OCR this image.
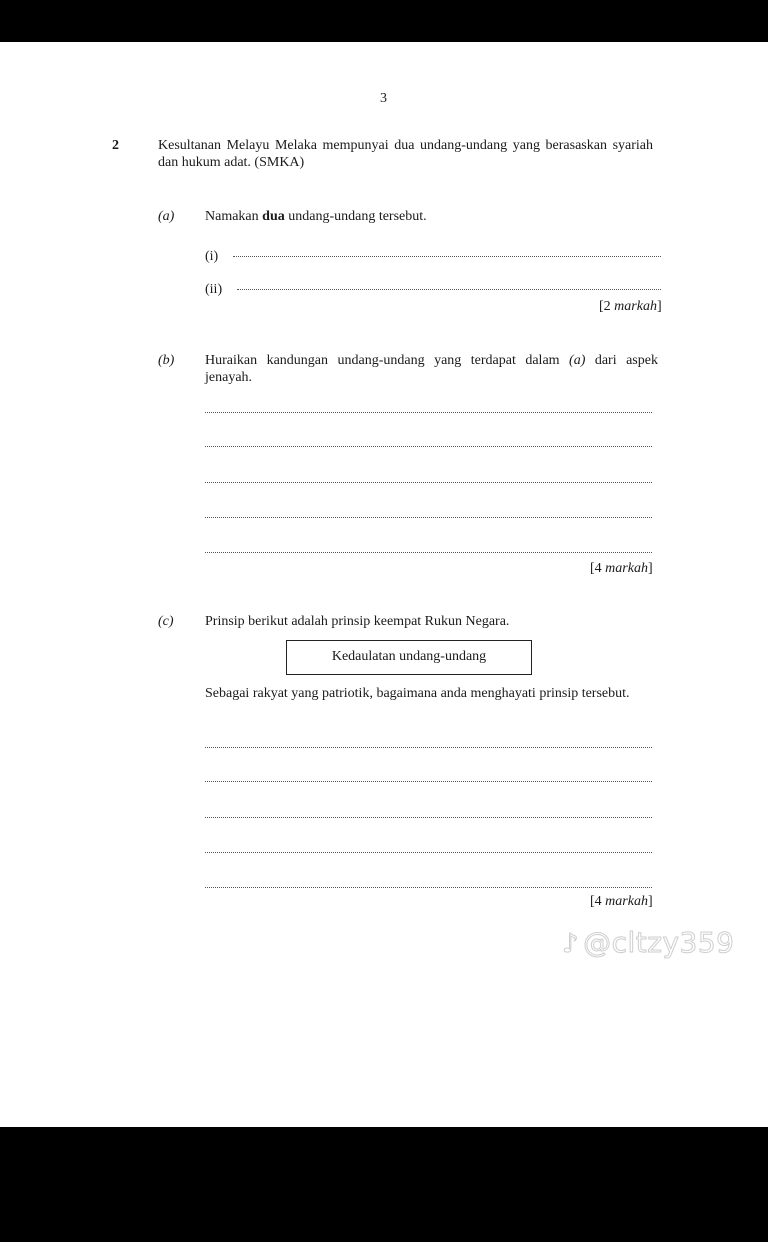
3
2	Kesultanan Melayu Melaka mempunyai dua undang-undang yang berasaskan syariah dan hukum adat. (SMKA)
(a) Namakan dua undang-undang tersebut.
(i)
(ii)
[2 markah]
(b) Huraikan kandungan undang-undang yang terdapat dalam (a) dari aspek jenayah.
[4 markah]
(c) Prinsip berikut adalah prinsip keempat Rukun Negara.
Kedaulatan undang-undang
Sebagai rakyat yang patriotik, bagaimana anda menghayati prinsip tersebut.
[4 markah]
♪ @cltzy359
